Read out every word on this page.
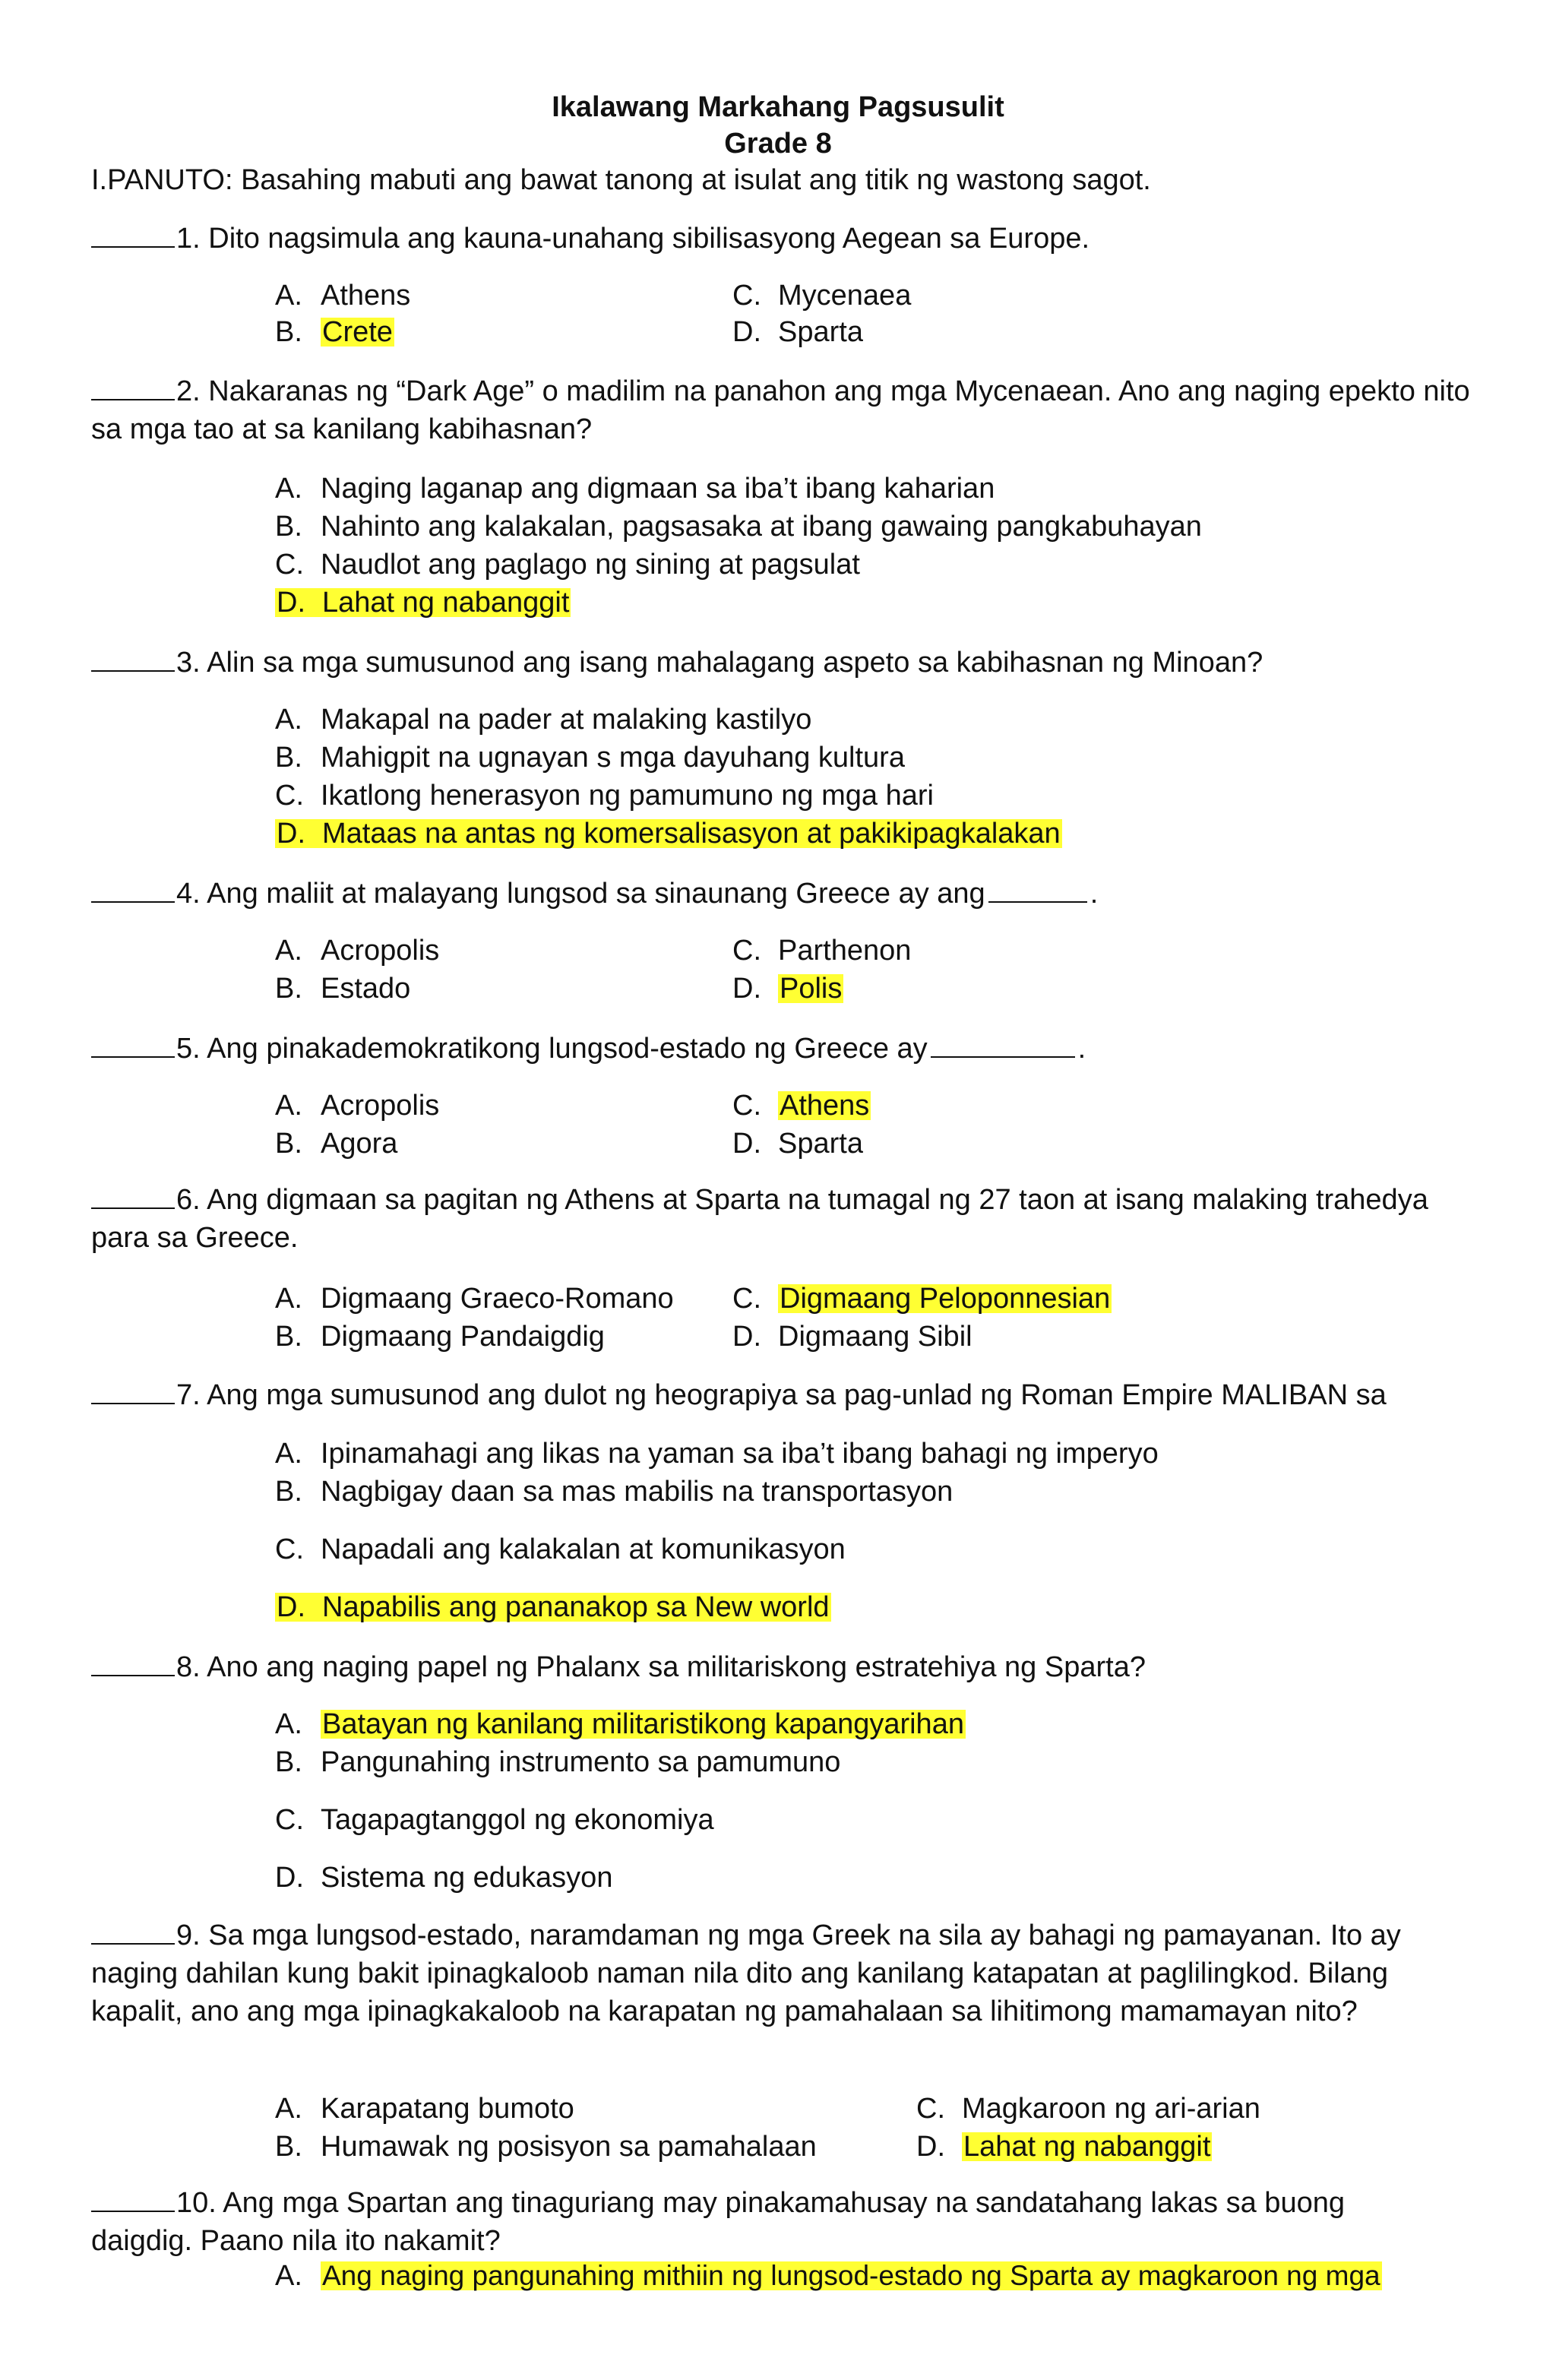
Ikalawang Markahang Pagsusulit
Grade 8
I.PANUTO: Basahing mabuti ang bawat tanong at isulat ang titik ng wastong sagot.
1. Dito nagsimula ang kauna-unahang sibilisasyong Aegean sa Europe.
A. Athens
B. Crete
C. Mycenaea
D. Sparta
2. Nakaranas ng “Dark Age” o madilim na panahon ang mga Mycenaean. Ano ang naging epekto nito sa mga tao at sa kanilang kabihasnan?
A. Naging laganap ang digmaan sa iba’t ibang kaharian
B. Nahinto ang kalakalan, pagsasaka at ibang gawaing pangkabuhayan
C. Naudlot ang paglago ng sining at pagsulat
D. Lahat ng nabanggit
3. Alin sa mga sumusunod ang isang mahalagang aspeto sa kabihasnan ng Minoan?
A. Makapal na pader at malaking kastilyo
B. Mahigpit na ugnayan s mga dayuhang kultura
C. Ikatlong henerasyon ng pamumuno ng mga hari
D. Mataas na antas ng komersalisasyon at pakikipagkalakan
4. Ang maliit at malayang lungsod sa sinaunang Greece ay ang	.
A. Acropolis
B. Estado
C. Parthenon
D. Polis
5. Ang pinakademokratikong lungsod-estado ng Greece ay	.
A. Acropolis
B. Agora
C. Athens
D. Sparta
6. Ang digmaan sa pagitan ng Athens at Sparta na tumagal ng 27 taon at isang malaking trahedya para sa Greece.
A. Digmaang Graeco-Romano
B. Digmaang Pandaigdig
C. Digmaang Peloponnesian
D. Digmaang Sibil
7. Ang mga sumusunod ang dulot ng heograpiya sa pag-unlad ng Roman Empire MALIBAN sa
A. Ipinamahagi ang likas na yaman sa iba’t ibang bahagi ng imperyo
B. Nagbigay daan sa mas mabilis na transportasyon
C. Napadali ang kalakalan at komunikasyon
D. Napabilis ang pananakop sa New world
8. Ano ang naging papel ng Phalanx sa militariskong estratehiya ng Sparta?
A. Batayan ng kanilang militaristikong kapangyarihan
B. Pangunahing instrumento sa pamumuno
C. Tagapagtanggol ng ekonomiya
D. Sistema ng edukasyon
9. Sa mga lungsod-estado, naramdaman ng mga Greek na sila ay bahagi ng pamayanan. Ito ay naging dahilan kung bakit ipinagkaloob naman nila dito ang kanilang katapatan at paglilingkod. Bilang kapalit, ano ang mga ipinagkakaloob na karapatan ng pamahalaan sa lihitimong mamamayan nito?
A. Karapatang bumoto
B. Humawak ng posisyon sa pamahalaan
C. Magkaroon ng ari-arian
D. Lahat ng nabanggit
10. Ang mga Spartan ang tinaguriang may pinakamahusay na sandatahang lakas sa buong daigdig. Paano nila ito nakamit?
A. Ang naging pangunahing mithiin ng lungsod-estado ng Sparta ay magkaroon ng mga
